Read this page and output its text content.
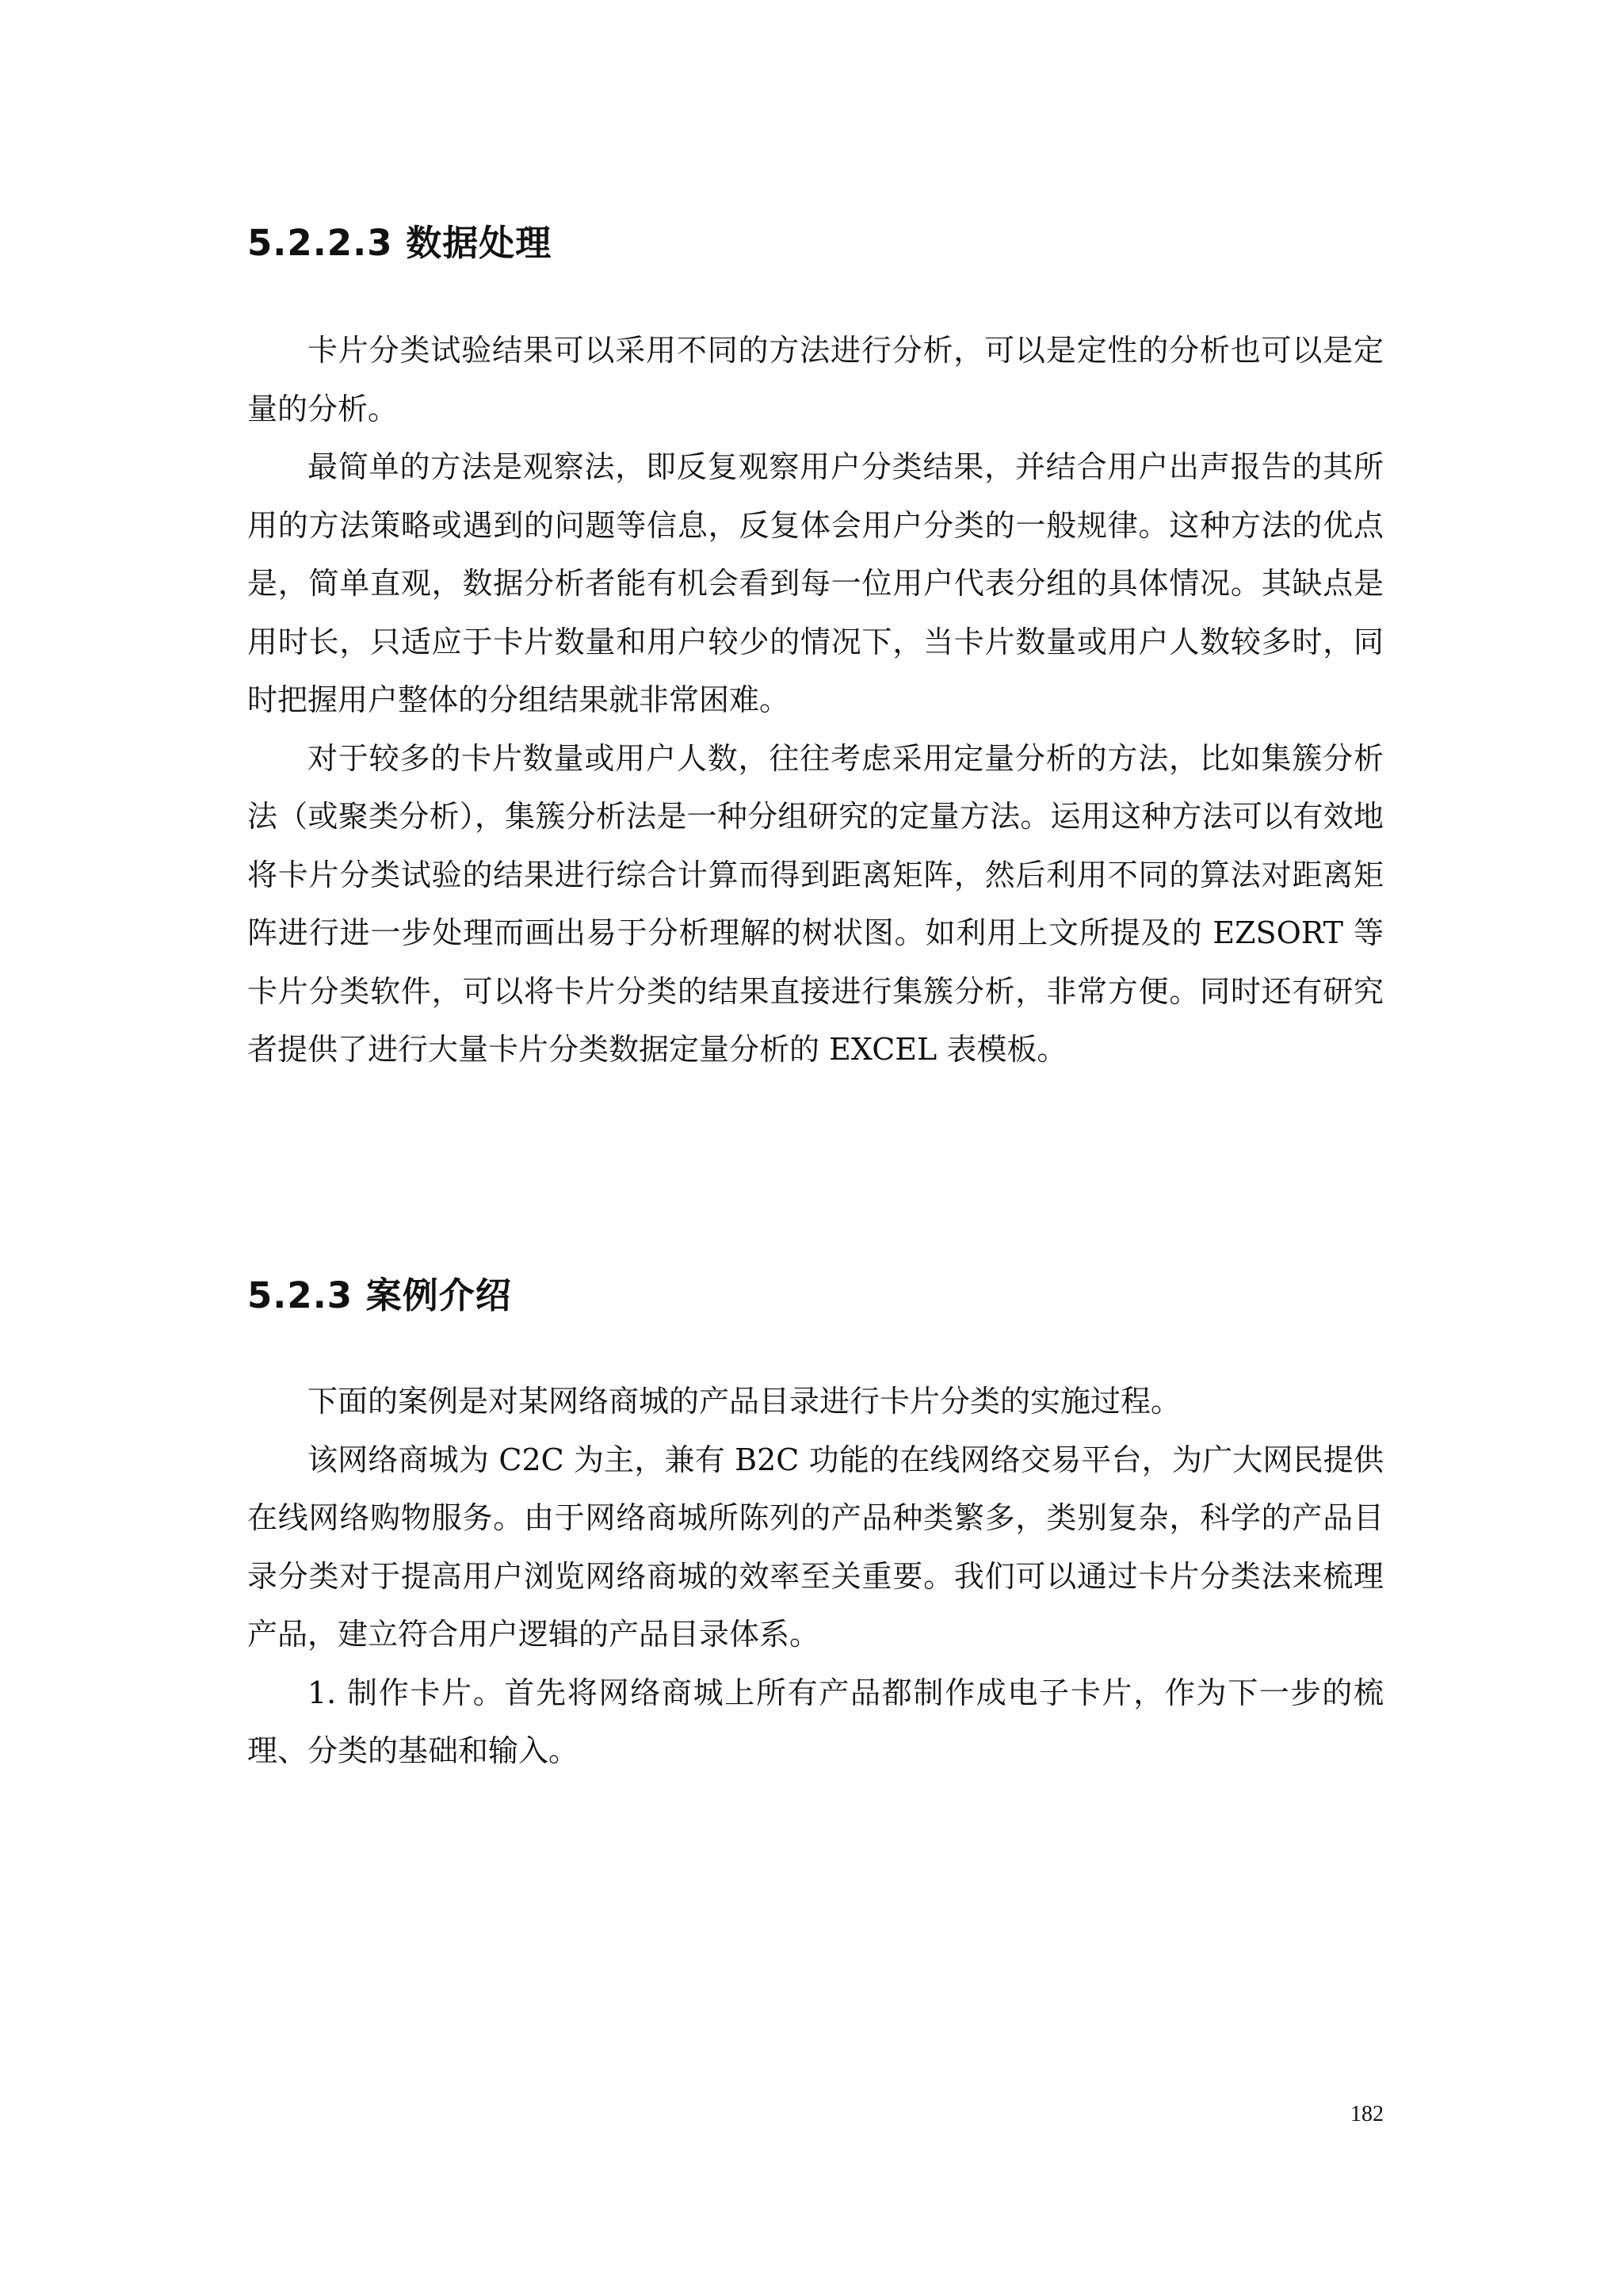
5.2.2.3 数据处理

卡片分类试验结果可以采用不同的方法进行分析，可以是定性的分析也可以是定量的分析。

最简单的方法是观察法，即反复观察用户分类结果，并结合用户出声报告的其所用的方法策略或遇到的问题等信息，反复体会用户分类的一般规律。这种方法的优点是，简单直观，数据分析者能有机会看到每一位用户代表分组的具体情况。其缺点是用时长，只适应于卡片数量和用户较少的情况下，当卡片数量或用户人数较多时，同时把握用户整体的分组结果就非常困难。

对于较多的卡片数量或用户人数，往往考虑采用定量分析的方法，比如集簇分析法（或聚类分析），集簇分析法是一种分组研究的定量方法。运用这种方法可以有效地将卡片分类试验的结果进行综合计算而得到距离矩阵，然后利用不同的算法对距离矩阵进行进一步处理而画出易于分析理解的树状图。如利用上文所提及的 EZSORT 等卡片分类软件，可以将卡片分类的结果直接进行集簇分析，非常方便。同时还有研究者提供了进行大量卡片分类数据定量分析的 EXCEL 表模板。

5.2.3 案例介绍

下面的案例是对某网络商城的产品目录进行卡片分类的实施过程。

该网络商城为 C2C 为主，兼有 B2C 功能的在线网络交易平台，为广大网民提供在线网络购物服务。由于网络商城所陈列的产品种类繁多，类别复杂，科学的产品目录分类对于提高用户浏览网络商城的效率至关重要。我们可以通过卡片分类法来梳理产品，建立符合用户逻辑的产品目录体系。

1. 制作卡片。首先将网络商城上所有产品都制作成电子卡片，作为下一步的梳理、分类的基础和输入。

182
